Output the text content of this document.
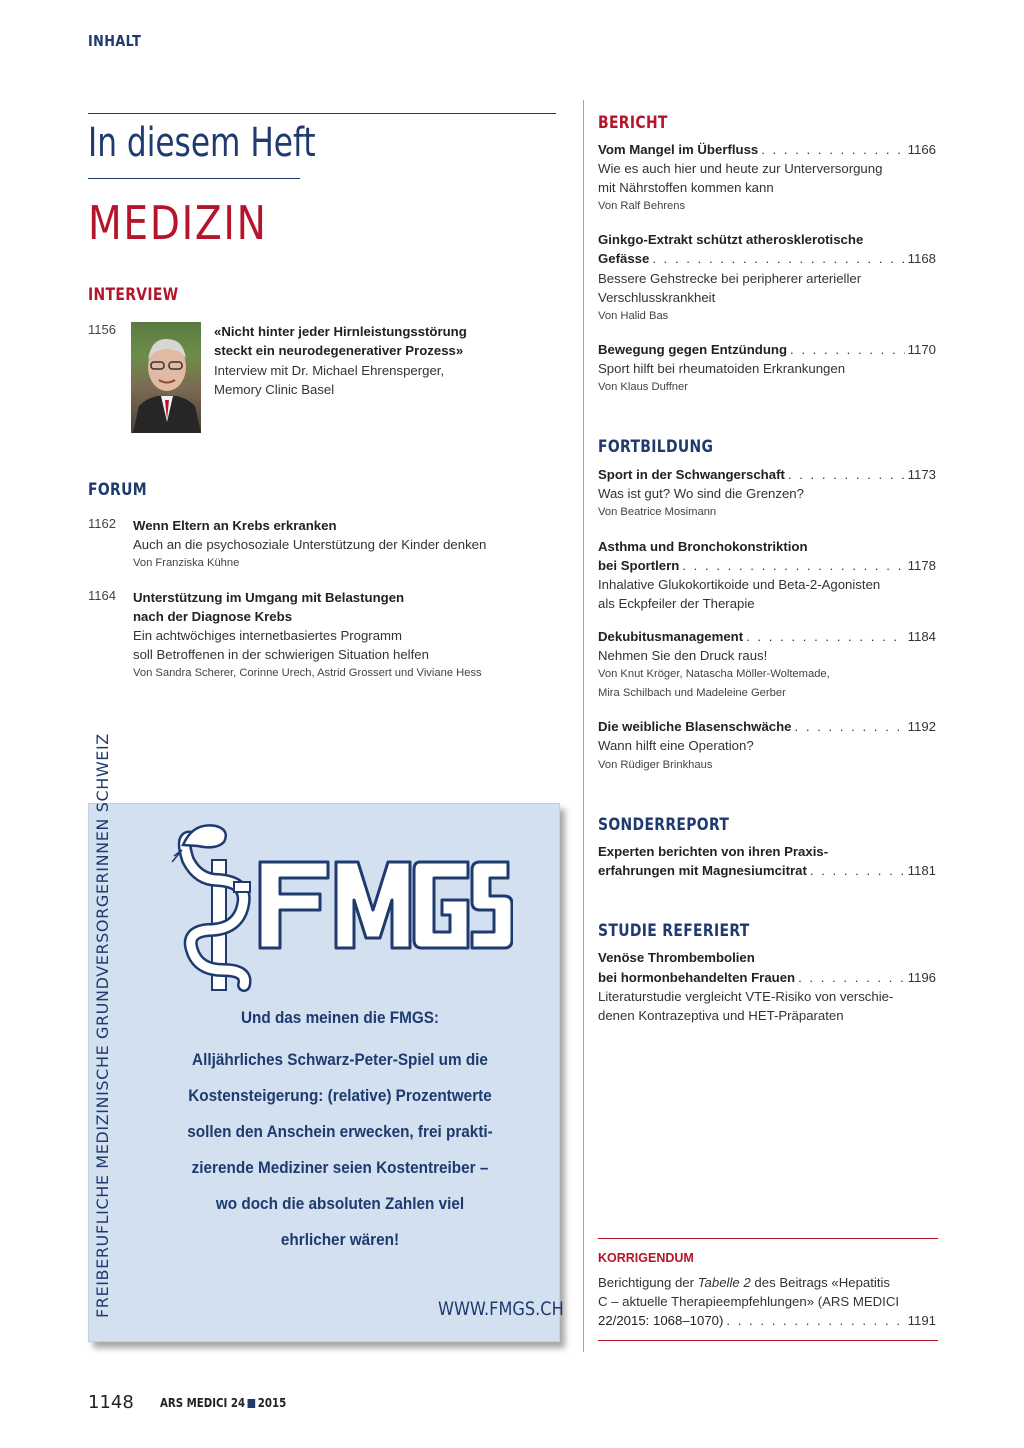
INHALT
In diesem Heft
MEDIZIN
INTERVIEW
1156	«Nicht hinter jeder Hirnleistungsstörung
steckt ein neurodegenerativer Prozess»
Interview mit Dr. Michael Ehrensperger,
Memory Clinic Basel
FORUM
1162 Wenn Eltern an Krebs erkranken
Auch an die psychosoziale Unterstützung der Kinder denken
Von Franziska Kühne
1164 Unterstützung im Umgang mit Belastungen
nach der Diagnose Krebs
Ein achtwöchiges internetbasiertes Programm
soll Betroffenen in der schwierigen Situation helfen
Von Sandra Scherer, Corinne Urech, Astrid Grossert und Viviane Hess
FREIBERUFLICHE MEDIZINISCHE GRUNDVERSORGERINNEN SCHWEIZ	Und das meinen die FMGS:
Alljährliches Schwarz-Peter-Spiel um die
Kostensteigerung: (relative) Prozentwerte
sollen den Anschein erwecken, frei prakti-
zierende Mediziner seien Kostentreiber –
wo doch die absoluten Zahlen viel
ehrlicher wären!
WWW.FMGS.CH
BERICHT
Vom Mangel im Überfluss . . .	1166
Wie es auch hier und heute zur Unterversorgung
mit Nährstoffen kommen kann
Von Ralf Behrens
Ginkgo-Extrakt schützt atherosklerotische
Gefässe . . .	1168
Bessere Gehstrecke bei peripherer arterieller
Verschlusskrankheit
Von Halid Bas
Bewegung gegen Entzündung . . .	1170
Sport hilft bei rheumatoiden Erkrankungen
Von Klaus Duffner
FORTBILDUNG
Sport in der Schwangerschaft . . .	1173
Was ist gut? Wo sind die Grenzen?
Von Beatrice Mosimann
Asthma und Bronchokonstriktion
bei Sportlern . . .	1178
Inhalative Glukokortikoide und Beta-2-Agonisten
als Eckpfeiler der Therapie
Dekubitusmanagement . . .	1184
Nehmen Sie den Druck raus!
Von Knut Kröger, Natascha Möller-Woltemade,
Mira Schilbach und Madeleine Gerber
Die weibliche Blasenschwäche . . .	1192
Wann hilft eine Operation?
Von Rüdiger Brinkhaus
SONDERREPORT
Experten berichten von ihren Praxis-
erfahrungen mit Magnesiumcitrat . . .	1181
STUDIE REFERIERT
Venöse Thrombembolien
bei hormonbehandelten Frauen . . .	1196
Literaturstudie vergleicht VTE-Risiko von verschie-
denen Kontrazeptiva und HET-Präparaten
KORRIGENDUM
Berichtigung der Tabelle 2 des Beitrags «Hepatitis
C – aktuelle Therapieempfehlungen» (ARS MEDICI
22/2015: 1068–1070) . . .	1191
1148 ARS MEDICI 24 2015
